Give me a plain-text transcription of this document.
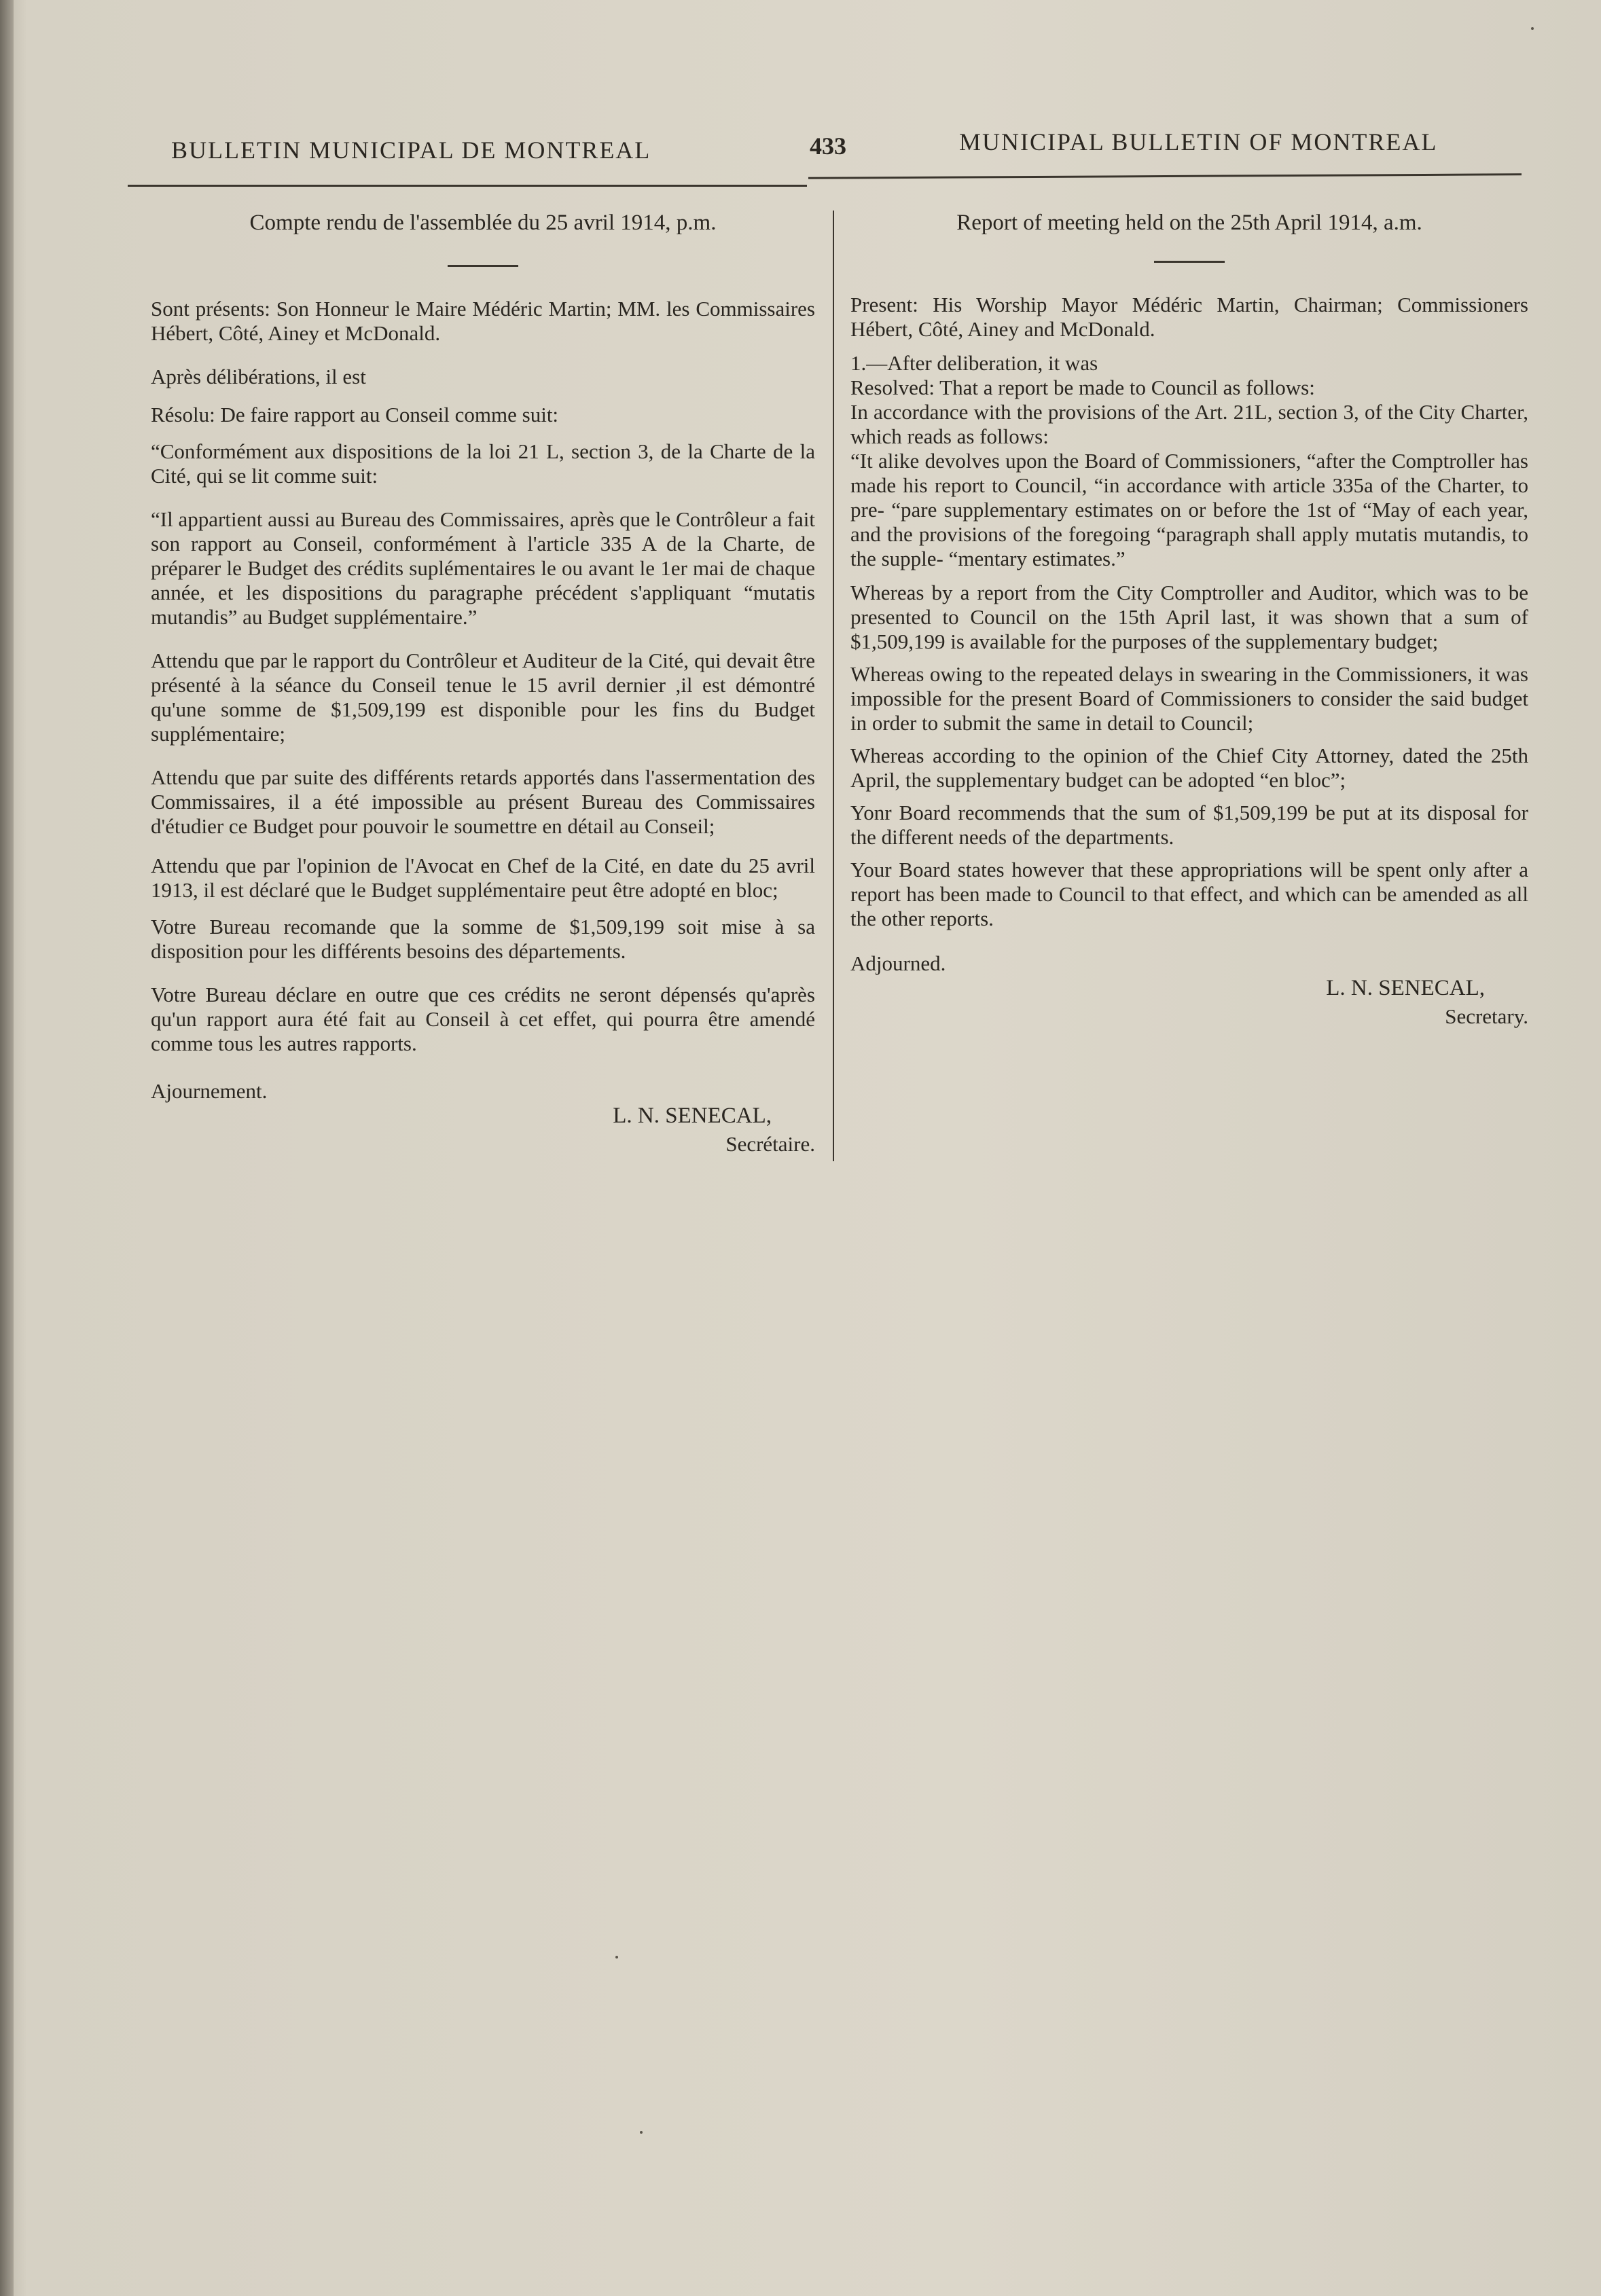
BULLETIN MUNICIPAL DE MONTREAL	433	MUNICIPAL BULLETIN OF MONTREAL
Compte rendu de l'assemblée du 25 avril 1914, p.m.

Sont présents: Son Honneur le Maire Médéric Martin; MM. les Commissaires Hébert, Côté, Ainey et McDonald.

Après délibérations, il est

Résolu: De faire rapport au Conseil comme suit:

“Conformément aux dispositions de la loi 21 L, section 3, de la Charte de la Cité, qui se lit comme suit:

“Il appartient aussi au Bureau des Commissaires, après que le Contrôleur a fait son rapport au Conseil, conformément à l'article 335 A de la Charte, de préparer le Budget des crédits suplémentaires le ou avant le 1er mai de chaque année, et les dispositions du paragraphe précédent s'appliquant “mutatis mutandis” au Budget supplémentaire.”

Attendu que par le rapport du Contrôleur et Auditeur de la Cité, qui devait être présenté à la séance du Conseil tenue le 15 avril dernier ,il est démontré qu'une somme de $1,509,199 est disponible pour les fins du Budget supplémentaire;

Attendu que par suite des différents retards apportés dans l'assermentation des Commissaires, il a été impossible au présent Bureau des Commissaires d'étudier ce Budget pour pouvoir le soumettre en détail au Conseil;

Attendu que par l'opinion de l'Avocat en Chef de la Cité, en date du 25 avril 1913, il est déclaré que le Budget supplémentaire peut être adopté en bloc;

Votre Bureau recomande que la somme de $1,509,199 soit mise à sa disposition pour les différents besoins des départements.

Votre Bureau déclare en outre que ces crédits ne seront dépensés qu'après qu'un rapport aura été fait au Conseil à cet effet, qui pourra être amendé comme tous les autres rapports.

Ajournement.
L. N. SENECAL,
Secrétaire.
Report of meeting held on the 25th April 1914, a.m.

Present: His Worship Mayor Médéric Martin, Chairman; Commissioners Hébert, Côté, Ainey and McDonald.

1.—After deliberation, it was

Resolved: That a report be made to Council as follows:

In accordance with the provisions of the Art. 21L, section 3, of the City Charter, which reads as follows:

“It alike devolves upon the Board of Commissioners, “after the Comptroller has made his report to Council, “in accordance with article 335a of the Charter, to pre- “pare supplementary estimates on or before the 1st of “May of each year, and the provisions of the foregoing “paragraph shall apply mutatis mutandis, to the supple- “mentary estimates.”

Whereas by a report from the City Comptroller and Auditor, which was to be presented to Council on the 15th April last, it was shown that a sum of $1,509,199 is available for the purposes of the supplementary budget;

Whereas owing to the repeated delays in swearing in the Commissioners, it was impossible for the present Board of Commissioners to consider the said budget in order to submit the same in detail to Council;

Whereas according to the opinion of the Chief City Attorney, dated the 25th April, the supplementary budget can be adopted “en bloc”;

Yonr Board recommends that the sum of $1,509,199 be put at its disposal for the different needs of the departments.

Your Board states however that these appropriations will be spent only after a report has been made to Council to that effect, and which can be amended as all the other reports.

Adjourned.
L. N. SENECAL,
Secretary.
